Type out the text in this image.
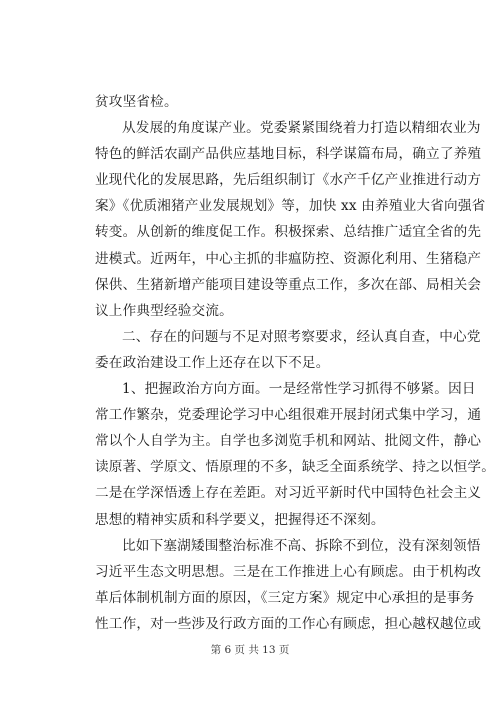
贫攻坚省检。
从发展的角度谋产业。党委紧紧围绕着力打造以精细农业为
特色的鲜活农副产品供应基地目标，科学谋篇布局，确立了养殖
业现代化的发展思路，先后组织制订《水产千亿产业推进行动方
案》《优质湘猪产业发展规划》等，加快 xx 由养殖业大省向强省
转变。从创新的维度促工作。积极探索、总结推广适宜全省的先
进模式。近两年，中心主抓的非瘟防控、资源化利用、生猪稳产
保供、生猪新增产能项目建设等重点工作，多次在部、局相关会
议上作典型经验交流。
二、存在的问题与不足对照考察要求，经认真自查，中心党
委在政治建设工作上还存在以下不足。
1、把握政治方向方面。一是经常性学习抓得不够紧。因日
常工作繁杂，党委理论学习中心组很难开展封闭式集中学习，通
常以个人自学为主。自学也多浏览手机和网站、批阅文件，静心
读原著、学原文、悟原理的不多，缺乏全面系统学、持之以恒学。
二是在学深悟透上存在差距。对习近平新时代中国特色社会主义
思想的精神实质和科学要义，把握得还不深刻。
比如下塞湖矮围整治标准不高、拆除不到位，没有深刻领悟
习近平生态文明思想。三是在工作推进上心有顾虑。由于机构改
革后体制机制方面的原因，《三定方案》规定中心承担的是事务
性工作，对一些涉及行政方面的工作心有顾虑，担心越权越位或
第 6 页 共 13 页
